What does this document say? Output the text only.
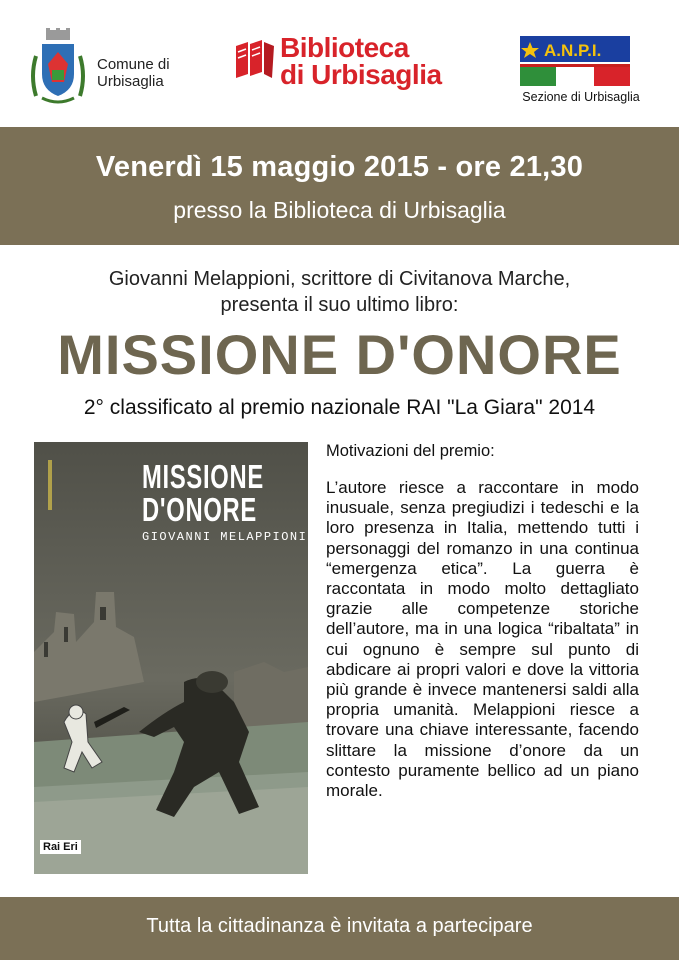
Comune di
Urbisaglia
Biblioteca
di Urbisaglia
A.N.P.I.
Sezione di Urbisaglia
Venerdì 15 maggio 2015 - ore 21,30
presso la Biblioteca di Urbisaglia
Giovanni Melappioni, scrittore di Civitanova Marche,
presenta il suo ultimo libro:
MISSIONE D'ONORE
2° classificato al premio nazionale RAI "La Giara" 2014
MISSIONE
D'ONORE
GIOVANNI MELAPPIONI
Rai Eri
Motivazioni del premio:
L’autore riesce a raccontare in modo inusuale, senza pregiudizi i tedeschi e la loro presenza in Italia, mettendo tutti i personaggi del romanzo in una continua “emergenza etica”. La guerra è raccontata in modo molto dettagliato grazie alle competenze storiche dell’autore, ma in una logica “ribaltata” in cui ognuno è sempre sul punto di abdicare ai propri valori e dove la vittoria più grande è invece mantenersi saldi alla propria umanità. Melappioni riesce a trovare una chiave interessante, facendo slittare la missione d’onore da un contesto puramente bellico ad un piano morale.
Tutta la cittadinanza è invitata a partecipare
